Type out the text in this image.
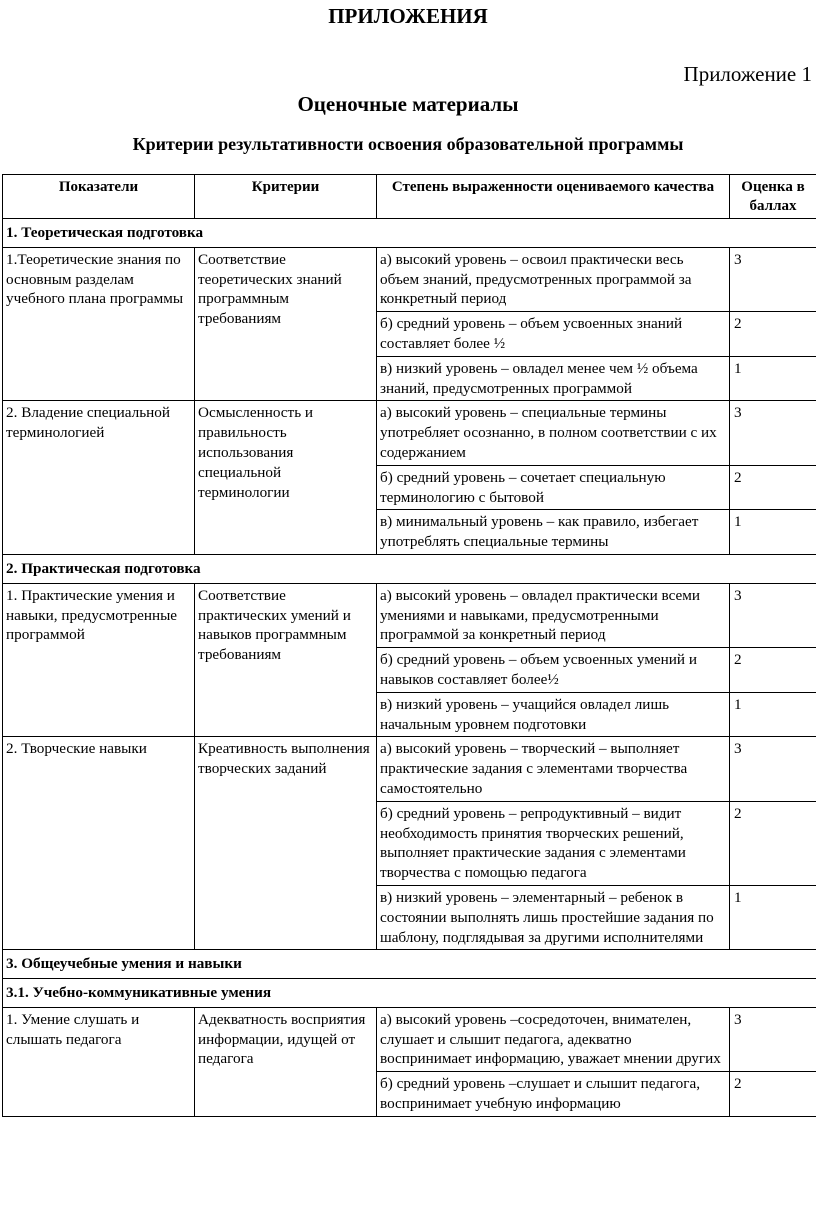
ПРИЛОЖЕНИЯ
Приложение 1
Оценочные материалы
Критерии результативности освоения образовательной программы
Показатели	Критерии	Степень выраженности оцениваемого качества	Оценка в баллах
1. Теоретическая подготовка			
1.Теоретические знания по основным разделам учебного плана программы	Соответствие теоретических знаний программным требованиям	а) высокий уровень – освоил практически весь объем знаний, предусмотренных программой за конкретный период	3
		б) средний уровень – объем усвоенных знаний составляет более ½	2
		в) низкий уровень – овладел менее чем ½ объема знаний, предусмотренных программой	1
2. Владение специальной терминологией	Осмысленность и правильность использования специальной терминологии	а) высокий уровень – специальные термины употребляет осознанно, в полном соответствии с их содержанием	3
		б) средний уровень – сочетает специальную терминологию с бытовой	2
		в) минимальный уровень – как правило, избегает употреблять специальные термины	1
2. Практическая подготовка			
1. Практические умения и навыки, предусмотренные программой	Соответствие практических умений и навыков программным требованиям	а) высокий уровень – овладел практически всеми умениями и навыками, предусмотренными программой за конкретный период	3
		б) средний уровень – объем усвоенных умений и навыков составляет более½	2
		в) низкий уровень – учащийся овладел лишь начальным уровнем подготовки	1
2. Творческие навыки	Креативность выполнения творческих заданий	а) высокий уровень – творческий – выполняет практические задания с элементами творчества самостоятельно	3
		б) средний уровень – репродуктивный – видит необходимость принятия творческих решений, выполняет практические задания с элементами творчества с помощью педагога	2
		в) низкий уровень – элементарный – ребенок в состоянии выполнять лишь простейшие задания по шаблону, подглядывая за другими исполнителями	1
3. Общеучебные умения и навыки			
3.1. Учебно-коммуникативные умения			
1. Умение слушать и слышать педагога	Адекватность восприятия информации, идущей от педагога	а) высокий уровень –сосредоточен, внимателен, слушает и слышит педагога, адекватно воспринимает информацию, уважает мнении других	3
		б) средний уровень –слушает и слышит педагога, воспринимает учебную информацию	2
